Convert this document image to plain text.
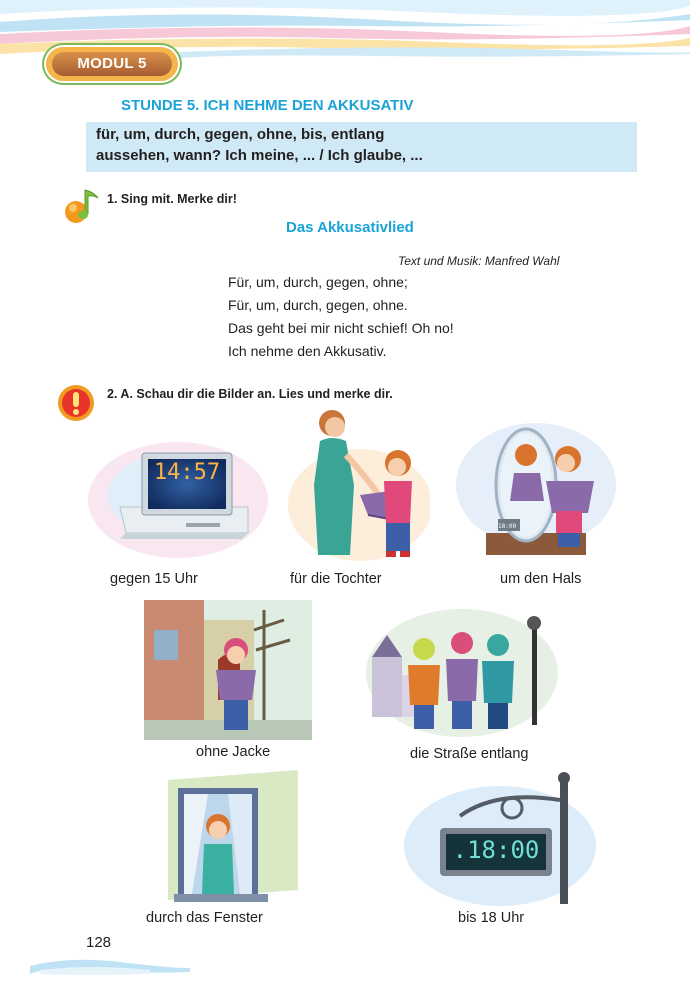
MODUL 5
STUNDE 5. ICH NEHME DEN AKKUSATIV
für, um, durch, gegen, ohne, bis, entlang
aussehen, wann? Ich meine, ... / Ich glaube, ...
1. Sing mit. Merke dir!
Das Akkusativlied
Text und Musik: Manfred Wahl
Für, um, durch, gegen, ohne;
Für, um, durch, gegen, ohne.
Das geht bei mir nicht schief! Oh no!
Ich nehme den Akkusativ.
2. A. Schau dir die Bilder an. Lies und merke dir.
14:57
gegen 15 Uhr	für die Tochter
18:00
um den Hals
ohne Jacke	die Straße entlang
durch das Fenster
.18:00
bis 18 Uhr
128
